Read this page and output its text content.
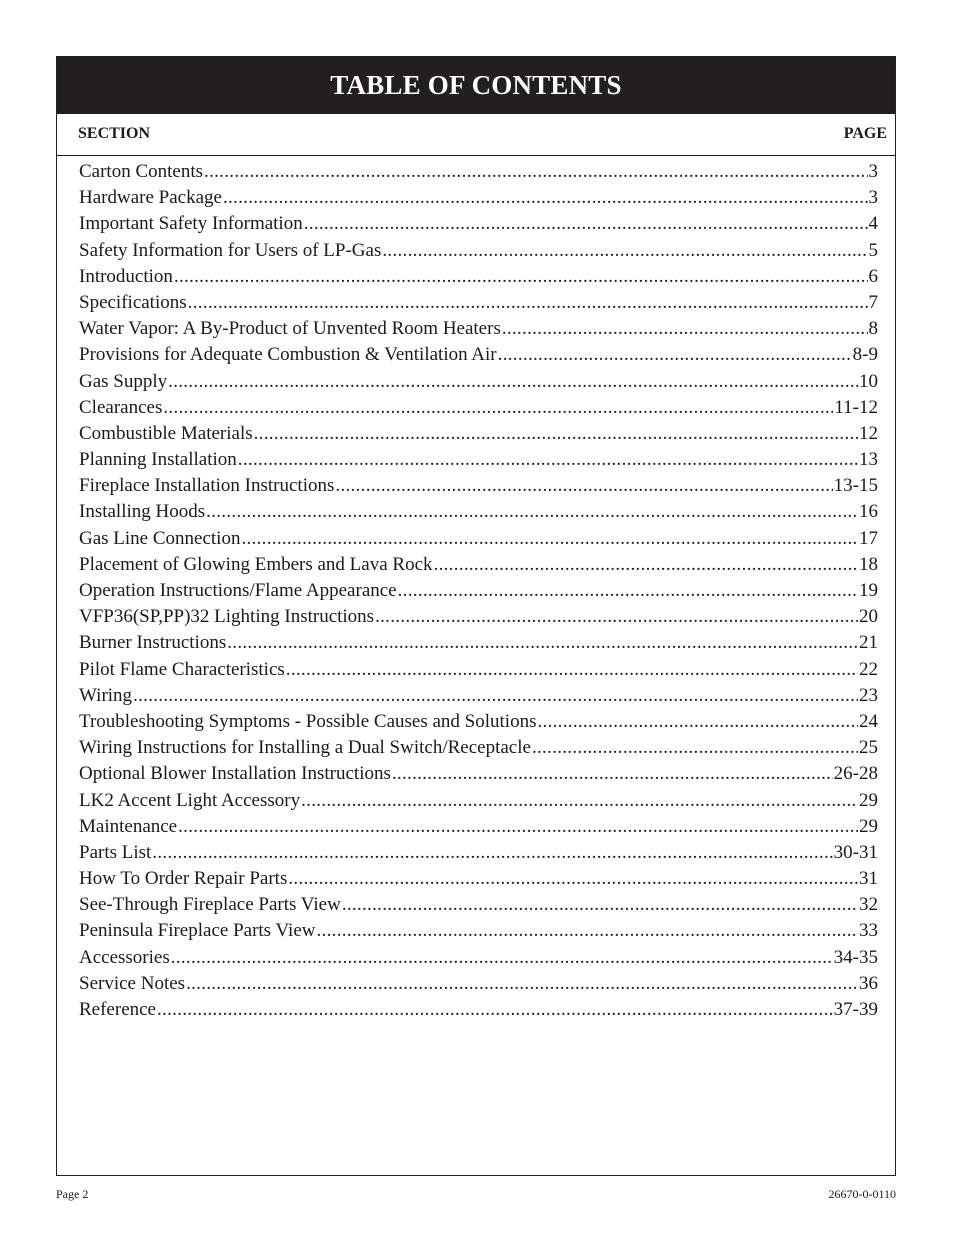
TABLE OF CONTENTS
SECTION	PAGE
Carton Contents .....	3
Hardware Package .....	3
Important Safety Information .....	4
Safety Information for Users of LP-Gas .....	5
Introduction .....	6
Specifications .....	7
Water Vapor: A By-Product of Unvented Room Heaters .....	8
Provisions for Adequate Combustion & Ventilation Air .....	8-9
Gas Supply .....	10
Clearances .....	11-12
Combustible Materials .....	12
Planning Installation .....	13
Fireplace Installation Instructions .....	13-15
Installing Hoods .....	16
Gas Line Connection .....	17
Placement of Glowing Embers and Lava Rock .....	18
Operation Instructions/Flame Appearance .....	19
VFP36(SP,PP)32 Lighting Instructions .....	20
Burner Instructions .....	21
Pilot Flame Characteristics .....	22
Wiring .....	23
Troubleshooting Symptoms - Possible Causes and Solutions .....	24
Wiring Instructions for Installing a Dual Switch/Receptacle .....	25
Optional Blower Installation Instructions .....	26-28
LK2 Accent Light Accessory .....	29
Maintenance .....	29
Parts List .....	30-31
How To Order Repair Parts .....	31
See-Through Fireplace Parts View .....	32
Peninsula Fireplace Parts View .....	33
Accessories .....	34-35
Service Notes .....	36
Reference .....	37-39
Page 2	26670-0-0110
